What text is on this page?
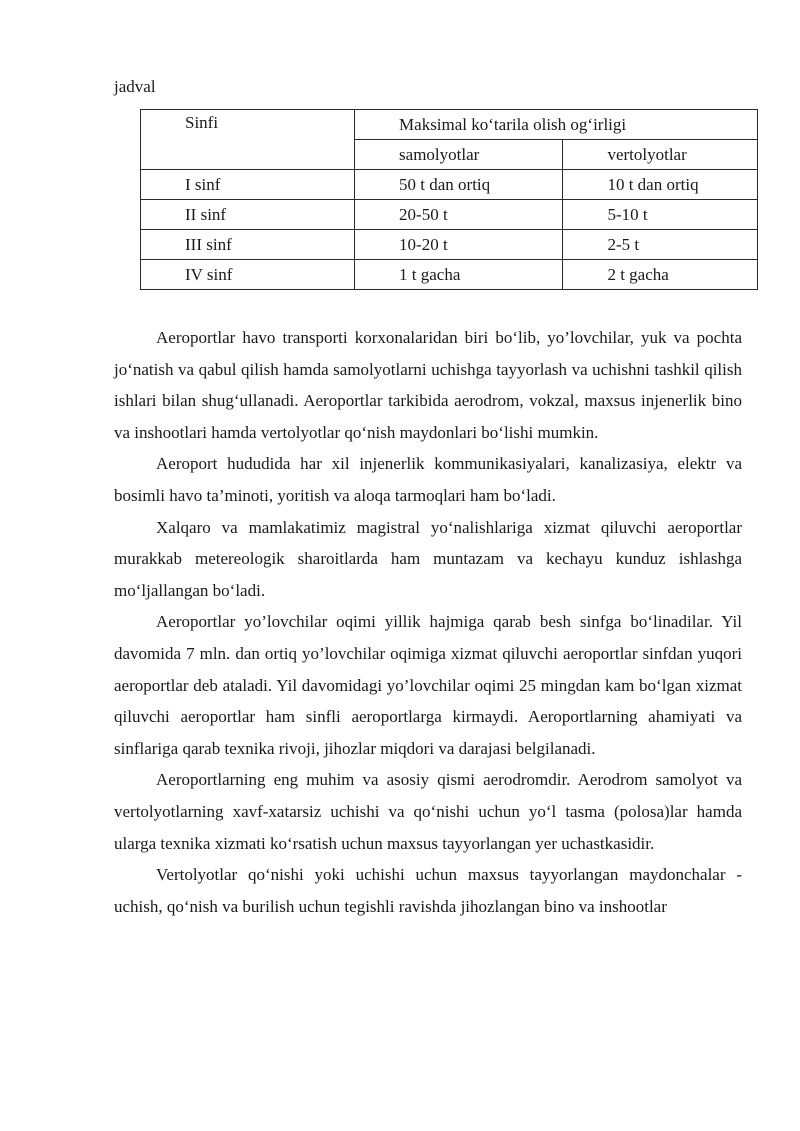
jadval
Sinfi	Maksimal ko‘tarila olish og‘irligi	
	samolyotlar	vertolyotlar
I sinf	50 t dan ortiq	10 t dan ortiq
II sinf	20-50 t	5-10 t
III sinf	10-20 t	2-5 t
IV sinf	1 t gacha	2 t gacha

Aeroportlar havo transporti korxonalaridan biri bo‘lib, yo’lovchilar, yuk va pochta jo‘natish va qabul qilish hamda samolyotlarni uchishga tayyorlash va uchishni tashkil qilish ishlari bilan shug‘ullanadi. Aeroportlar tarkibida aerodrom, vokzal, maxsus injenerlik bino va inshootlari hamda vertolyotlar qo‘nish maydonlari bo‘lishi mumkin.

Aeroport hududida har xil injenerlik kommunikasiyalari, kanalizasiya, elektr va bosimli havo ta’minoti, yoritish va aloqa tarmoqlari ham bo‘ladi.

Xalqaro va mamlakatimiz magistral yo‘nalishlariga xizmat qiluvchi aeroportlar murakkab metereologik sharoitlarda ham muntazam va kechayu kunduz ishlashga mo‘ljallangan bo‘ladi.

Aeroportlar yo’lovchilar oqimi yillik hajmiga qarab besh sinfga bo‘linadilar. Yil davomida 7 mln. dan ortiq yo’lovchilar oqimiga xizmat qiluvchi aeroportlar sinfdan yuqori aeroportlar deb ataladi. Yil davomidagi yo’lovchilar oqimi 25 mingdan kam bo‘lgan xizmat qiluvchi aeroportlar ham sinfli aeroportlarga kirmaydi. Aeroportlarning ahamiyati va sinflariga qarab texnika rivoji, jihozlar miqdori va darajasi belgilanadi.

Aeroportlarning eng muhim va asosiy qismi aerodromdir. Aerodrom samolyot va vertolyotlarning xavf-xatarsiz uchishi va qo‘nishi uchun yo‘l tasma (polosa)lar hamda ularga texnika xizmati ko‘rsatish uchun maxsus tayyorlangan yer uchastkasidir.

Vertolyotlar qo‘nishi yoki uchishi uchun maxsus tayyorlangan maydonchalar - uchish, qo‘nish va burilish uchun tegishli ravishda jihozlangan bino va inshootlar
